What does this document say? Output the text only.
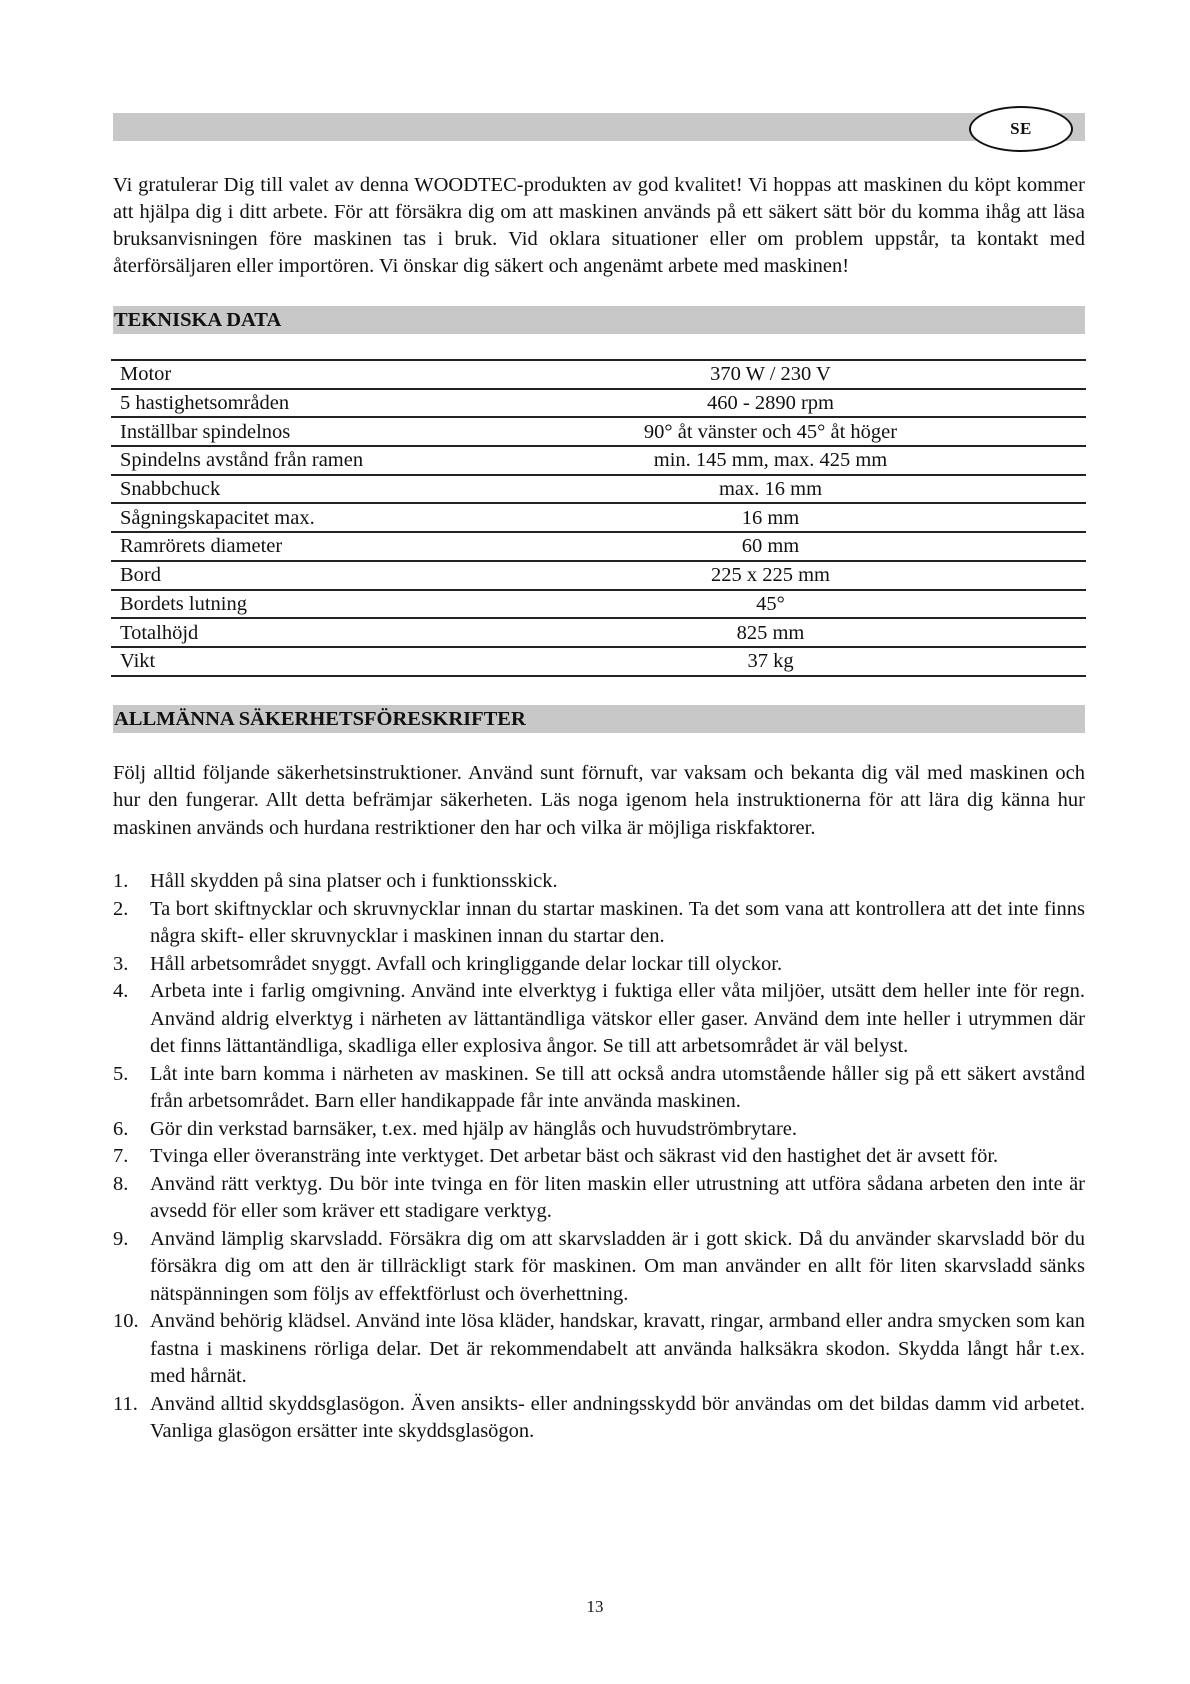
SE

Vi gratulerar Dig till valet av denna WOODTEC-produkten av god kvalitet! Vi hoppas att maskinen du köpt kommer att hjälpa dig i ditt arbete. För att försäkra dig om att maskinen används på ett säkert sätt bör du komma ihåg att läsa bruksanvisningen före maskinen tas i bruk. Vid oklara situationer eller om problem uppstår, ta kontakt med återförsäljaren eller importören. Vi önskar dig säkert och angenämt arbete med maskinen!

TEKNISKA DATA
Motor	370 W / 230 V
5 hastighetsområden	460 - 2890 rpm
Inställbar spindelnos	90° åt vänster och 45° åt höger
Spindelns avstånd från ramen	min. 145 mm, max. 425 mm
Snabbchuck	max. 16 mm
Sågningskapacitet max.	16 mm
Ramrörets diameter	60 mm
Bord	225 x 225 mm
Bordets lutning	45°
Totalhöjd	825 mm
Vikt	37 kg
ALLMÄNNA SÄKERHETSFÖRESKRIFTER

Följ alltid följande säkerhetsinstruktioner. Använd sunt förnuft, var vaksam och bekanta dig väl med maskinen och hur den fungerar. Allt detta befrämjar säkerheten. Läs noga igenom hela instruktionerna för att lära dig känna hur maskinen används och hurdana restriktioner den har och vilka är möjliga riskfaktorer.

1. Håll skydden på sina platser och i funktionsskick.
2. Ta bort skiftnycklar och skruvnycklar innan du startar maskinen. Ta det som vana att kontrollera att det inte finns några skift- eller skruvnycklar i maskinen innan du startar den.
3. Håll arbetsområdet snyggt. Avfall och kringliggande delar lockar till olyckor.
4. Arbeta inte i farlig omgivning. Använd inte elverktyg i fuktiga eller våta miljöer, utsätt dem heller inte för regn. Använd aldrig elverktyg i närheten av lättantändliga vätskor eller gaser. Använd dem inte heller i utrymmen där det finns lättantändliga, skadliga eller explosiva ångor. Se till att arbetsområdet är väl belyst.
5. Låt inte barn komma i närheten av maskinen. Se till att också andra utomstående håller sig på ett säkert avstånd från arbetsområdet. Barn eller handikappade får inte använda maskinen.
6. Gör din verkstad barnsäker, t.ex. med hjälp av hänglås och huvudströmbrytare.
7. Tvinga eller överansträng inte verktyget. Det arbetar bäst och säkrast vid den hastighet det är avsett för.
8. Använd rätt verktyg. Du bör inte tvinga en för liten maskin eller utrustning att utföra sådana arbeten den inte är avsedd för eller som kräver ett stadigare verktyg.
9. Använd lämplig skarvsladd. Försäkra dig om att skarvsladden är i gott skick. Då du använder skarvsladd bör du försäkra dig om att den är tillräckligt stark för maskinen. Om man använder en allt för liten skarvsladd sänks nätspänningen som följs av effektförlust och överhettning.
10. Använd behörig klädsel. Använd inte lösa kläder, handskar, kravatt, ringar, armband eller andra smycken som kan fastna i maskinens rörliga delar. Det är rekommendabelt att använda halksäkra skodon. Skydda långt hår t.ex. med hårnät.
11. Använd alltid skyddsglasögon. Även ansikts- eller andningsskydd bör användas om det bildas damm vid arbetet. Vanliga glasögon ersätter inte skyddsglasögon.
13
